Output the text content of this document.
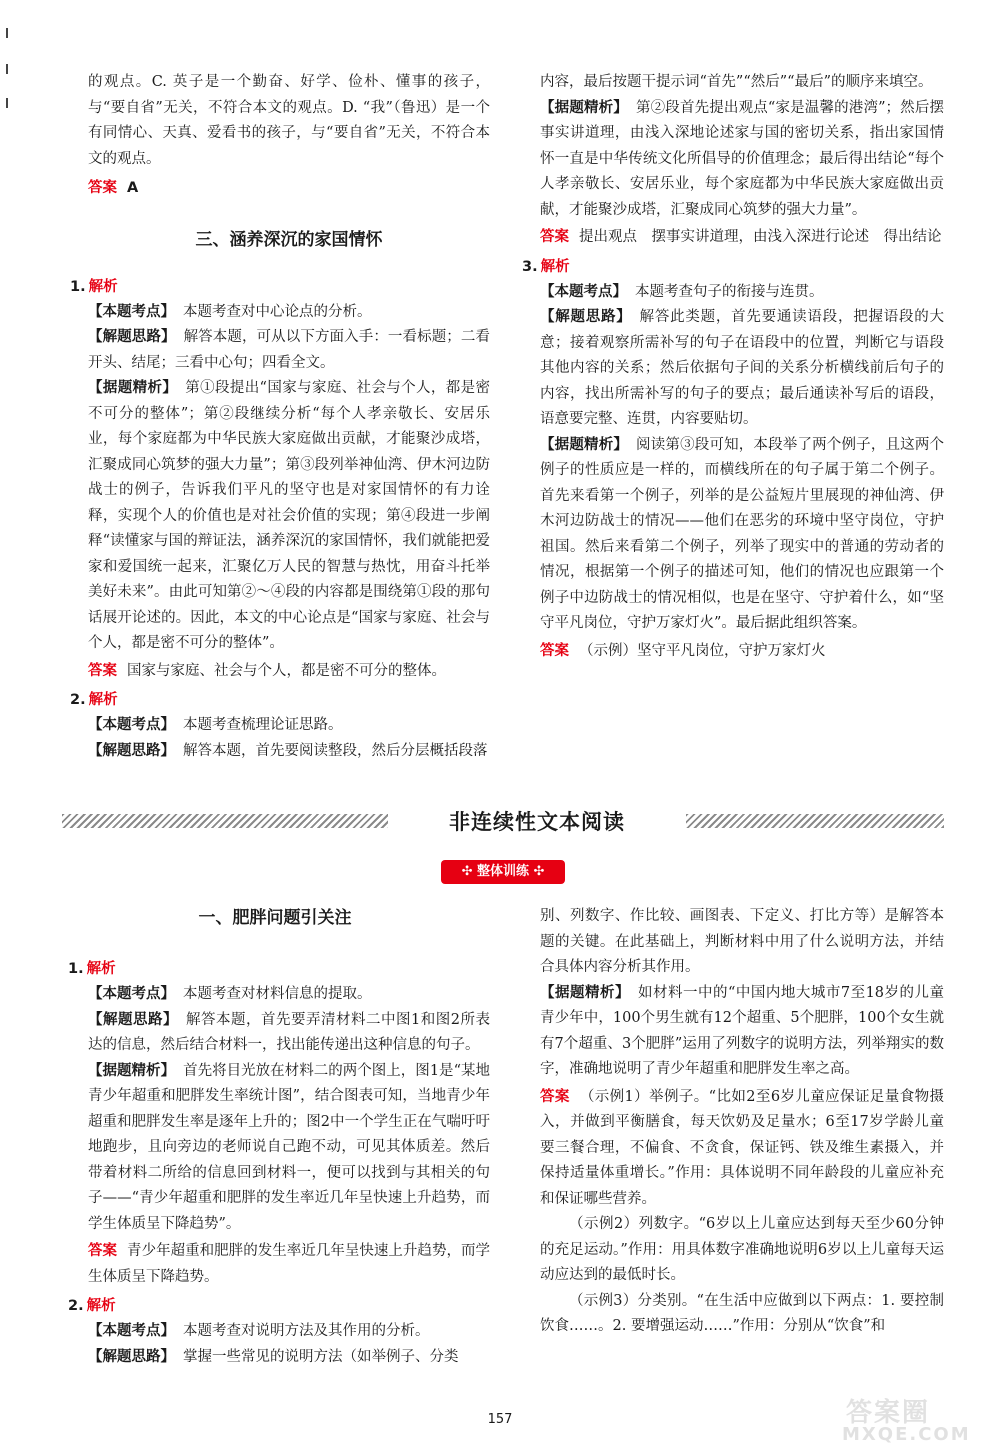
的观点。C. 英子是一个勤奋、好学、俭朴、懂事的孩子，与“要自省”无关，不符合本文的观点。D. “我”（鲁迅）是一个有同情心、天真、爱看书的孩子，与“要自省”无关，不符合本文的观点。

答案 A

三、涵养深沉的家国情怀
1. 解析

【本题考点】 本题考查对中心论点的分析。

【解题思路】 解答本题，可从以下方面入手：一看标题；二看开头、结尾；三看中心句；四看全文。

【据题精析】 第①段提出“国家与家庭、社会与个人，都是密不可分的整体”；第②段继续分析“每个人孝亲敬长、安居乐业，每个家庭都为中华民族大家庭做出贡献，才能聚沙成塔，汇聚成同心筑梦的强大力量”；第③段列举神仙湾、伊木河边防战士的例子，告诉我们平凡的坚守也是对家国情怀的有力诠释，实现个人的价值也是对社会价值的实现；第④段进一步阐释“读懂家与国的辩证法，涵养深沉的家国情怀，我们就能把爱家和爱国统一起来，汇聚亿万人民的智慧与热忱，用奋斗托举美好未来”。由此可知第②～④段的内容都是围绕第①段的那句话展开论述的。因此，本文的中心论点是“国家与家庭、社会与个人，都是密不可分的整体”。

答案 国家与家庭、社会与个人，都是密不可分的整体。

2. 解析

【本题考点】 本题考查梳理论证思路。

【解题思路】 解答本题，首先要阅读整段，然后分层概括段落

内容，最后按题干提示词“首先”“然后”“最后”的顺序来填空。

【据题精析】 第②段首先提出观点“家是温馨的港湾”；然后摆事实讲道理，由浅入深地论述家与国的密切关系，指出家国情怀一直是中华传统文化所倡导的价值理念；最后得出结论“每个人孝亲敬长、安居乐业，每个家庭都为中华民族大家庭做出贡献，才能聚沙成塔，汇聚成同心筑梦的强大力量”。

答案 提出观点　摆事实讲道理，由浅入深进行论述　得出结论

3. 解析

【本题考点】 本题考查句子的衔接与连贯。

【解题思路】 解答此类题，首先要通读语段，把握语段的大意；接着观察所需补写的句子在语段中的位置，判断它与语段其他内容的关系；然后依据句子间的关系分析横线前后句子的内容，找出所需补写的句子的要点；最后通读补写后的语段，语意要完整、连贯，内容要贴切。

【据题精析】 阅读第③段可知，本段举了两个例子，且这两个例子的性质应是一样的，而横线所在的句子属于第二个例子。首先来看第一个例子，列举的是公益短片里展现的神仙湾、伊木河边防战士的情况——他们在恶劣的环境中坚守岗位，守护祖国。然后来看第二个例子，列举了现实中的普通的劳动者的情况，根据第一个例子的描述可知，他们的情况也应跟第一个例子中边防战士的情况相似，也是在坚守、守护着什么，如“坚守平凡岗位，守护万家灯火”。最后据此组织答案。

答案 （示例）坚守平凡岗位，守护万家灯火

非连续性文本阅读
✣ 整体训练 ✣
一、肥胖问题引关注
1. 解析

【本题考点】 本题考查对材料信息的提取。

【解题思路】 解答本题，首先要弄清材料二中图1和图2所表达的信息，然后结合材料一，找出能传递出这种信息的句子。

【据题精析】 首先将目光放在材料二的两个图上，图1是“某地青少年超重和肥胖发生率统计图”，结合图表可知，当地青少年超重和肥胖发生率是逐年上升的；图2中一个学生正在气喘吁吁地跑步，且向旁边的老师说自己跑不动，可见其体质差。然后带着材料二所给的信息回到材料一，便可以找到与其相关的句子——“青少年超重和肥胖的发生率近几年呈快速上升趋势，而学生体质呈下降趋势”。

答案 青少年超重和肥胖的发生率近几年呈快速上升趋势，而学生体质呈下降趋势。

2. 解析

【本题考点】 本题考查对说明方法及其作用的分析。

【解题思路】 掌握一些常见的说明方法（如举例子、分类

别、列数字、作比较、画图表、下定义、打比方等）是解答本题的关键。在此基础上，判断材料中用了什么说明方法，并结合具体内容分析其作用。

【据题精析】 如材料一中的“中国内地大城市7至18岁的儿童青少年中，100个男生就有12个超重、5个肥胖，100个女生就有7个超重、3个肥胖”运用了列数字的说明方法，列举翔实的数字，准确地说明了青少年超重和肥胖发生率之高。

答案 （示例1）举例子。“比如2至6岁儿童应保证足量食物摄入，并做到平衡膳食，每天饮奶及足量水；6至17岁学龄儿童要三餐合理，不偏食、不贪食，保证钙、铁及维生素摄入，并保持适量体重增长。”作用：具体说明不同年龄段的儿童应补充和保证哪些营养。

（示例2）列数字。“6岁以上儿童应达到每天至少60分钟的充足运动。”作用：用具体数字准确地说明6岁以上儿童每天运动应达到的最低时长。

（示例3）分类别。“在生活中应做到以下两点：1. 要控制饮食……。2. 要增强运动……”作用：分别从“饮食”和

157	答案圈
MXQE.COM
